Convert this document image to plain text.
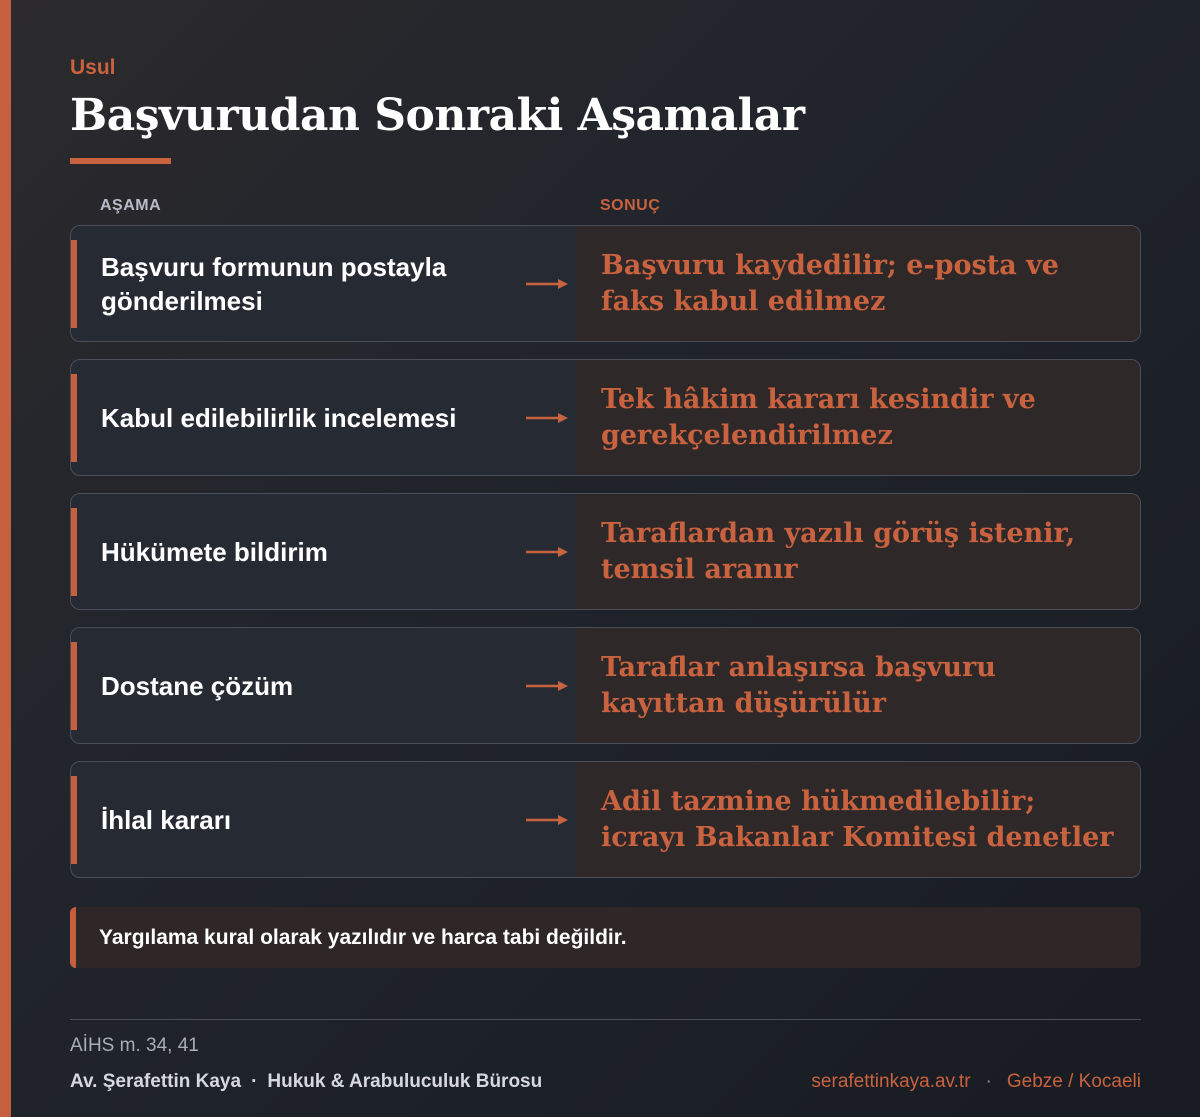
Usul
Başvurudan Sonraki Aşamalar
AŞAMA	SONUÇ
Başvuru formunun postayla gönderilmesi
Başvuru kaydedilir; e-posta ve faks kabul edilmez
Kabul edilebilirlik incelemesi
Tek hâkim kararı kesindir ve gerekçelendirilmez
Hükümete bildirim
Taraflardan yazılı görüş istenir, temsil aranır
Dostane çözüm
Taraflar anlaşırsa başvuru kayıttan düşürülür
İhlal kararı
Adil tazmine hükmedilebilir; icrayı Bakanlar Komitesi denetler
Yargılama kural olarak yazılıdır ve harca tabi değildir.
AİHS m. 34, 41
Av. Şerafettin Kaya · Hukuk & Arabuluculuk Bürosu	serafettinkaya.av.tr · Gebze / Kocaeli
